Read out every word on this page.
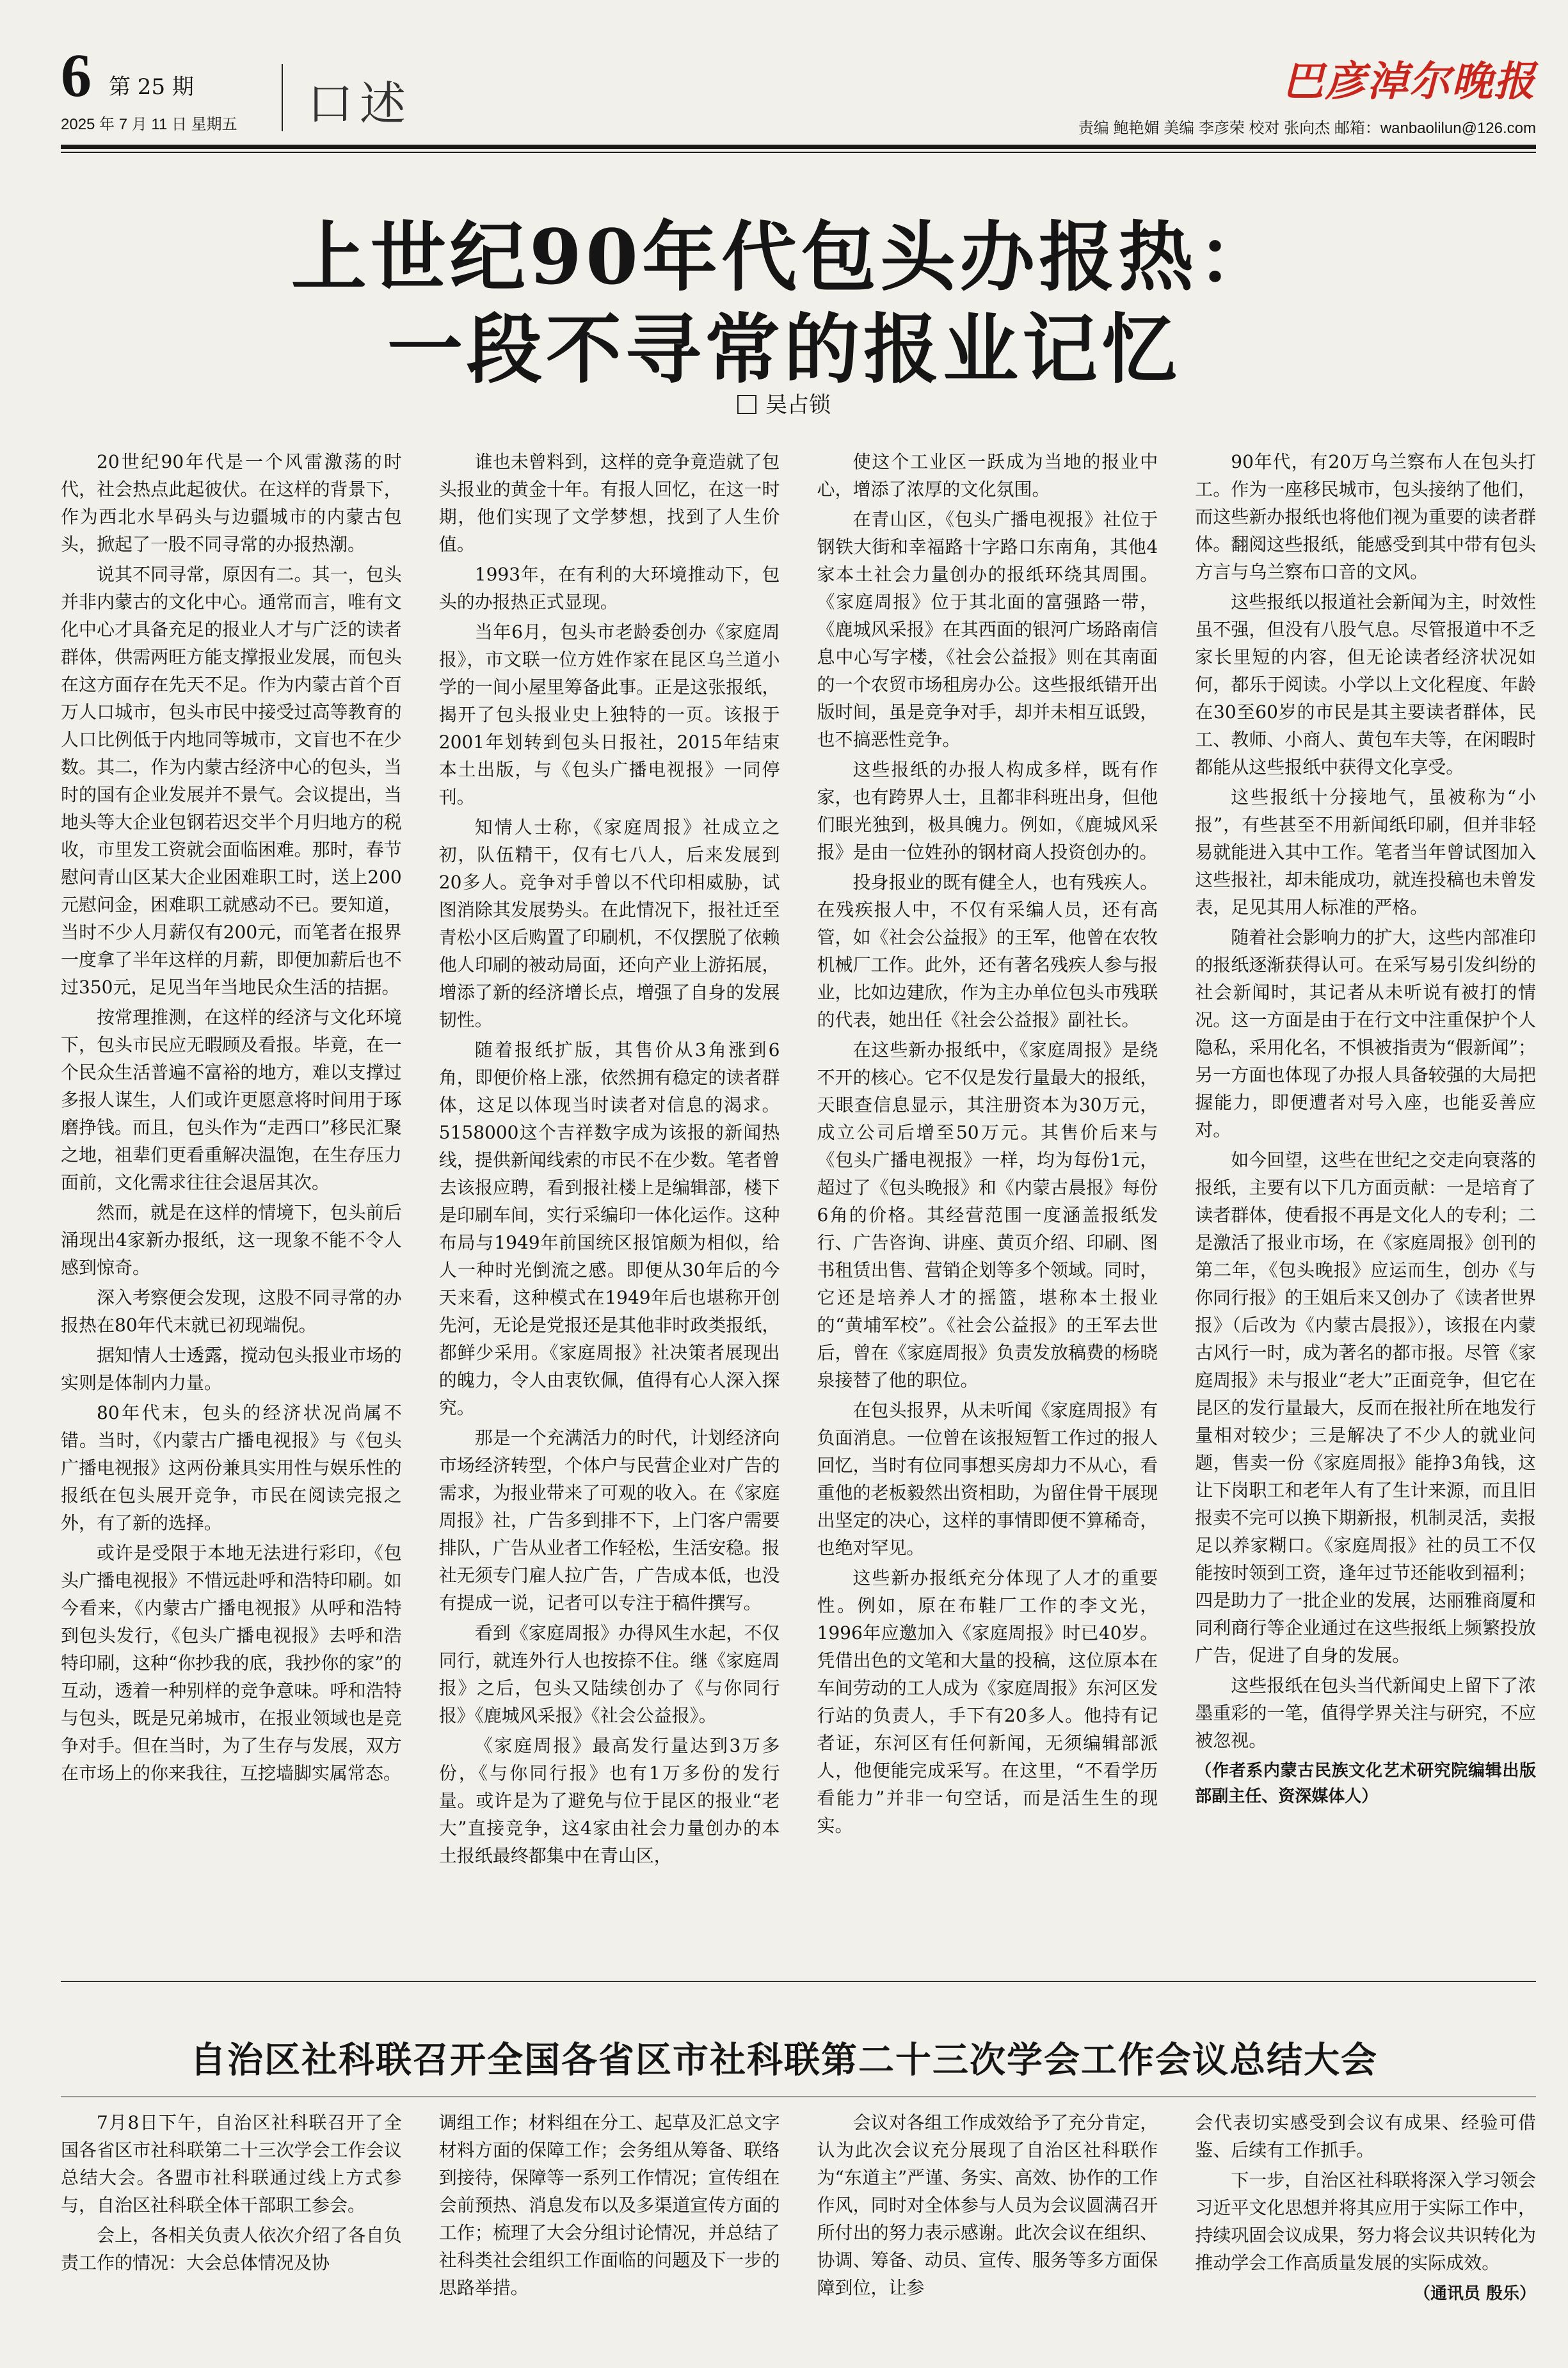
6 第 25 期
2025 年 7 月 11 日 星期五 口述	巴彦淖尔晚报
责编 鲍艳媚 美编 李彦荣 校对 张向杰 邮箱：wanbaolilun@126.com
上世纪90年代包头办报热：
一段不寻常的报业记忆
吴占锁

20世纪90年代是一个风雷激荡的时代，社会热点此起彼伏。在这样的背景下，作为西北水旱码头与边疆城市的内蒙古包头，掀起了一股不同寻常的办报热潮。

说其不同寻常，原因有二。其一，包头并非内蒙古的文化中心。通常而言，唯有文化中心才具备充足的报业人才与广泛的读者群体，供需两旺方能支撑报业发展，而包头在这方面存在先天不足。作为内蒙古首个百万人口城市，包头市民中接受过高等教育的人口比例低于内地同等城市，文盲也不在少数。其二，作为内蒙古经济中心的包头，当时的国有企业发展并不景气。会议提出，当地头等大企业包钢若迟交半个月归地方的税收，市里发工资就会面临困难。那时，春节慰问青山区某大企业困难职工时，送上200元慰问金，困难职工就感动不已。要知道，当时不少人月薪仅有200元，而笔者在报界一度拿了半年这样的月薪，即便加薪后也不过350元，足见当年当地民众生活的拮据。

按常理推测，在这样的经济与文化环境下，包头市民应无暇顾及看报。毕竟，在一个民众生活普遍不富裕的地方，难以支撑过多报人谋生，人们或许更愿意将时间用于琢磨挣钱。而且，包头作为“走西口”移民汇聚之地，祖辈们更看重解决温饱，在生存压力面前，文化需求往往会退居其次。

然而，就是在这样的情境下，包头前后涌现出4家新办报纸，这一现象不能不令人感到惊奇。

深入考察便会发现，这股不同寻常的办报热在80年代末就已初现端倪。

据知情人士透露，搅动包头报业市场的实则是体制内力量。

80年代末，包头的经济状况尚属不错。当时，《内蒙古广播电视报》与《包头广播电视报》这两份兼具实用性与娱乐性的报纸在包头展开竞争，市民在阅读完报之外，有了新的选择。

或许是受限于本地无法进行彩印，《包头广播电视报》不惜远赴呼和浩特印刷。如今看来，《内蒙古广播电视报》从呼和浩特到包头发行，《包头广播电视报》去呼和浩特印刷，这种“你抄我的底，我抄你的家”的互动，透着一种别样的竞争意味。呼和浩特与包头，既是兄弟城市，在报业领域也是竞争对手。但在当时，为了生存与发展，双方在市场上的你来我往，互挖墙脚实属常态。

谁也未曾料到，这样的竞争竟造就了包头报业的黄金十年。有报人回忆，在这一时期，他们实现了文学梦想，找到了人生价值。

1993年，在有利的大环境推动下，包头的办报热正式显现。

当年6月，包头市老龄委创办《家庭周报》，市文联一位方姓作家在昆区乌兰道小学的一间小屋里筹备此事。正是这张报纸，揭开了包头报业史上独特的一页。该报于2001年划转到包头日报社，2015年结束本土出版，与《包头广播电视报》一同停刊。

知情人士称，《家庭周报》社成立之初，队伍精干，仅有七八人，后来发展到20多人。竞争对手曾以不代印相威胁，试图消除其发展势头。在此情况下，报社迁至青松小区后购置了印刷机，不仅摆脱了依赖他人印刷的被动局面，还向产业上游拓展，增添了新的经济增长点，增强了自身的发展韧性。

随着报纸扩版，其售价从3角涨到6角，即便价格上涨，依然拥有稳定的读者群体，这足以体现当时读者对信息的渴求。5158000这个吉祥数字成为该报的新闻热线，提供新闻线索的市民不在少数。笔者曾去该报应聘，看到报社楼上是编辑部，楼下是印刷车间，实行采编印一体化运作。这种布局与1949年前国统区报馆颇为相似，给人一种时光倒流之感。即便从30年后的今天来看，这种模式在1949年后也堪称开创先河，无论是党报还是其他非时政类报纸，都鲜少采用。《家庭周报》社决策者展现出的魄力，令人由衷钦佩，值得有心人深入探究。

那是一个充满活力的时代，计划经济向市场经济转型，个体户与民营企业对广告的需求，为报业带来了可观的收入。在《家庭周报》社，广告多到排不下，上门客户需要排队，广告从业者工作轻松，生活安稳。报社无须专门雇人拉广告，广告成本低，也没有提成一说，记者可以专注于稿件撰写。

看到《家庭周报》办得风生水起，不仅同行，就连外行人也按捺不住。继《家庭周报》之后，包头又陆续创办了《与你同行报》《鹿城风采报》《社会公益报》。

《家庭周报》最高发行量达到3万多份，《与你同行报》也有1万多份的发行量。或许是为了避免与位于昆区的报业“老大”直接竞争，这4家由社会力量创办的本土报纸最终都集中在青山区，

使这个工业区一跃成为当地的报业中心，增添了浓厚的文化氛围。

在青山区，《包头广播电视报》社位于钢铁大街和幸福路十字路口东南角，其他4家本土社会力量创办的报纸环绕其周围。《家庭周报》位于其北面的富强路一带，《鹿城风采报》在其西面的银河广场路南信息中心写字楼，《社会公益报》则在其南面的一个农贸市场租房办公。这些报纸错开出版时间，虽是竞争对手，却并未相互诋毁，也不搞恶性竞争。

这些报纸的办报人构成多样，既有作家，也有跨界人士，且都非科班出身，但他们眼光独到，极具魄力。例如，《鹿城风采报》是由一位姓孙的钢材商人投资创办的。

投身报业的既有健全人，也有残疾人。在残疾报人中，不仅有采编人员，还有高管，如《社会公益报》的王军，他曾在农牧机械厂工作。此外，还有著名残疾人参与报业，比如边建欣，作为主办单位包头市残联的代表，她出任《社会公益报》副社长。

在这些新办报纸中，《家庭周报》是绕不开的核心。它不仅是发行量最大的报纸，天眼查信息显示，其注册资本为30万元，成立公司后增至50万元。其售价后来与《包头广播电视报》一样，均为每份1元，超过了《包头晚报》和《内蒙古晨报》每份6角的价格。其经营范围一度涵盖报纸发行、广告咨询、讲座、黄页介绍、印刷、图书租赁出售、营销企划等多个领域。同时，它还是培养人才的摇篮，堪称本土报业的“黄埔军校”。《社会公益报》的王军去世后，曾在《家庭周报》负责发放稿费的杨晓泉接替了他的职位。

在包头报界，从未听闻《家庭周报》有负面消息。一位曾在该报短暂工作过的报人回忆，当时有位同事想买房却力不从心，看重他的老板毅然出资相助，为留住骨干展现出坚定的决心，这样的事情即便不算稀奇，也绝对罕见。

这些新办报纸充分体现了人才的重要性。例如，原在布鞋厂工作的李文光，1996年应邀加入《家庭周报》时已40岁。凭借出色的文笔和大量的投稿，这位原本在车间劳动的工人成为《家庭周报》东河区发行站的负责人，手下有20多人。他持有记者证，东河区有任何新闻，无须编辑部派人，他便能完成采写。在这里，“不看学历看能力”并非一句空话，而是活生生的现实。

90年代，有20万乌兰察布人在包头打工。作为一座移民城市，包头接纳了他们，而这些新办报纸也将他们视为重要的读者群体。翻阅这些报纸，能感受到其中带有包头方言与乌兰察布口音的文风。

这些报纸以报道社会新闻为主，时效性虽不强，但没有八股气息。尽管报道中不乏家长里短的内容，但无论读者经济状况如何，都乐于阅读。小学以上文化程度、年龄在30至60岁的市民是其主要读者群体，民工、教师、小商人、黄包车夫等，在闲暇时都能从这些报纸中获得文化享受。

这些报纸十分接地气，虽被称为“小报”，有些甚至不用新闻纸印刷，但并非轻易就能进入其中工作。笔者当年曾试图加入这些报社，却未能成功，就连投稿也未曾发表，足见其用人标准的严格。

随着社会影响力的扩大，这些内部准印的报纸逐渐获得认可。在采写易引发纠纷的社会新闻时，其记者从未听说有被打的情况。这一方面是由于在行文中注重保护个人隐私，采用化名，不惧被指责为“假新闻”；另一方面也体现了办报人具备较强的大局把握能力，即便遭者对号入座，也能妥善应对。

如今回望，这些在世纪之交走向衰落的报纸，主要有以下几方面贡献：一是培育了读者群体，使看报不再是文化人的专利；二是激活了报业市场，在《家庭周报》创刊的第二年，《包头晚报》应运而生，创办《与你同行报》的王姐后来又创办了《读者世界报》（后改为《内蒙古晨报》），该报在内蒙古风行一时，成为著名的都市报。尽管《家庭周报》未与报业“老大”正面竞争，但它在昆区的发行量最大，反而在报社所在地发行量相对较少；三是解决了不少人的就业问题，售卖一份《家庭周报》能挣3角钱，这让下岗职工和老年人有了生计来源，而且旧报卖不完可以换下期新报，机制灵活，卖报足以养家糊口。《家庭周报》社的员工不仅能按时领到工资，逢年过节还能收到福利；四是助力了一批企业的发展，达丽雅商厦和同利商行等企业通过在这些报纸上频繁投放广告，促进了自身的发展。

这些报纸在包头当代新闻史上留下了浓墨重彩的一笔，值得学界关注与研究，不应被忽视。

（作者系内蒙古民族文化艺术研究院编辑出版部副主任、资深媒体人）

自治区社科联召开全国各省区市社科联第二十三次学会工作会议总结大会

7月8日下午，自治区社科联召开了全国各省区市社科联第二十三次学会工作会议总结大会。各盟市社科联通过线上方式参与，自治区社科联全体干部职工参会。

会上，各相关负责人依次介绍了各自负责工作的情况：大会总体情况及协

调组工作；材料组在分工、起草及汇总文字材料方面的保障工作；会务组从筹备、联络到接待，保障等一系列工作情况；宣传组在会前预热、消息发布以及多渠道宣传方面的工作；梳理了大会分组讨论情况，并总结了社科类社会组织工作面临的问题及下一步的思路举措。

会议对各组工作成效给予了充分肯定，认为此次会议充分展现了自治区社科联作为“东道主”严谨、务实、高效、协作的工作作风，同时对全体参与人员为会议圆满召开所付出的努力表示感谢。此次会议在组织、协调、筹备、动员、宣传、服务等多方面保障到位，让参

会代表切实感受到会议有成果、经验可借鉴、后续有工作抓手。

下一步，自治区社科联将深入学习领会习近平文化思想并将其应用于实际工作中，持续巩固会议成果，努力将会议共识转化为推动学会工作高质量发展的实际成效。

（通讯员 殷乐）
